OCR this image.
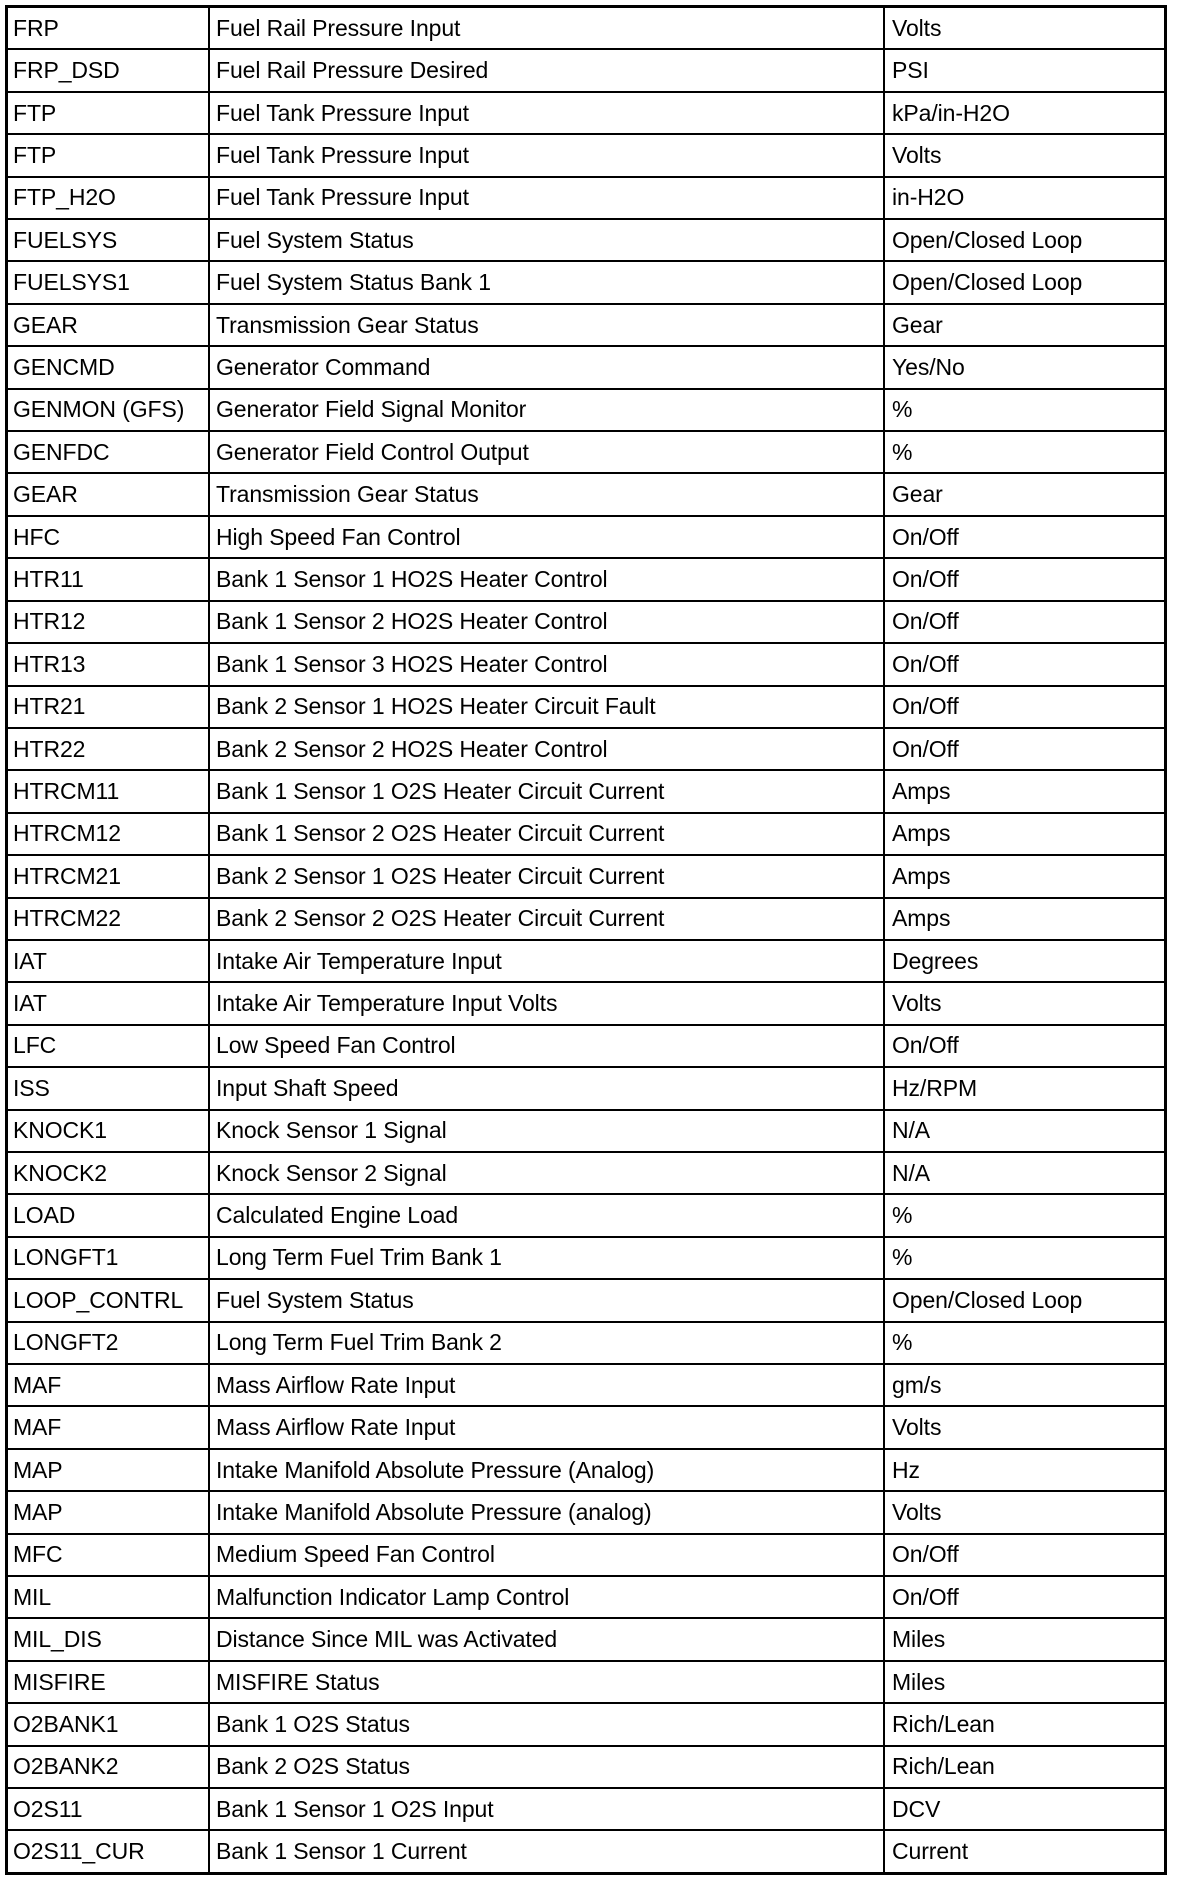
FRP	Fuel Rail Pressure Input	Volts
FRP_DSD	Fuel Rail Pressure Desired	PSI
FTP	Fuel Tank Pressure Input	kPa/in-H2O
FTP	Fuel Tank Pressure Input	Volts
FTP_H2O	Fuel Tank Pressure Input	in-H2O
FUELSYS	Fuel System Status	Open/Closed Loop
FUELSYS1	Fuel System Status Bank 1	Open/Closed Loop
GEAR	Transmission Gear Status	Gear
GENCMD	Generator Command	Yes/No
GENMON (GFS)	Generator Field Signal Monitor	%
GENFDC	Generator Field Control Output	%
GEAR	Transmission Gear Status	Gear
HFC	High Speed Fan Control	On/Off
HTR11	Bank 1 Sensor 1 HO2S Heater Control	On/Off
HTR12	Bank 1 Sensor 2 HO2S Heater Control	On/Off
HTR13	Bank 1 Sensor 3 HO2S Heater Control	On/Off
HTR21	Bank 2 Sensor 1 HO2S Heater Circuit Fault	On/Off
HTR22	Bank 2 Sensor 2 HO2S Heater Control	On/Off
HTRCM11	Bank 1 Sensor 1 O2S Heater Circuit Current	Amps
HTRCM12	Bank 1 Sensor 2 O2S Heater Circuit Current	Amps
HTRCM21	Bank 2 Sensor 1 O2S Heater Circuit Current	Amps
HTRCM22	Bank 2 Sensor 2 O2S Heater Circuit Current	Amps
IAT	Intake Air Temperature Input	Degrees
IAT	Intake Air Temperature Input Volts	Volts
LFC	Low Speed Fan Control	On/Off
ISS	Input Shaft Speed	Hz/RPM
KNOCK1	Knock Sensor 1 Signal	N/A
KNOCK2	Knock Sensor 2 Signal	N/A
LOAD	Calculated Engine Load	%
LONGFT1	Long Term Fuel Trim Bank 1	%
LOOP_CONTRL	Fuel System Status	Open/Closed Loop
LONGFT2	Long Term Fuel Trim Bank 2	%
MAF	Mass Airflow Rate Input	gm/s
MAF	Mass Airflow Rate Input	Volts
MAP	Intake Manifold Absolute Pressure (Analog)	Hz
MAP	Intake Manifold Absolute Pressure (analog)	Volts
MFC	Medium Speed Fan Control	On/Off
MIL	Malfunction Indicator Lamp Control	On/Off
MIL_DIS	Distance Since MIL was Activated	Miles
MISFIRE	MISFIRE Status	Miles
O2BANK1	Bank 1 O2S Status	Rich/Lean
O2BANK2	Bank 2 O2S Status	Rich/Lean
O2S11	Bank 1 Sensor 1 O2S Input	DCV
O2S11_CUR	Bank 1 Sensor 1 Current	Current
